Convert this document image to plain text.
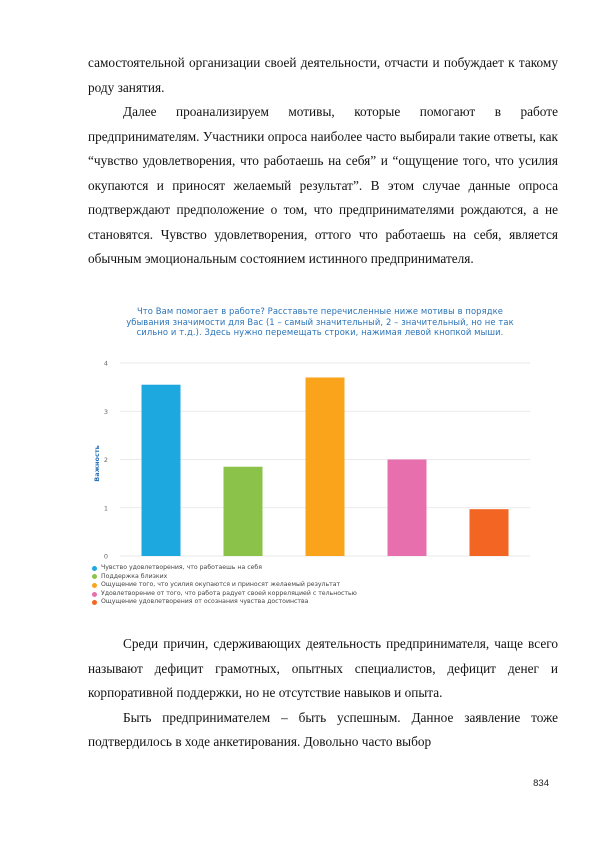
самостоятельной организации своей деятельности, отчасти и побуждает к такому роду занятия.

Далее проанализируем мотивы, которые помогают в работе предпринимателям. Участники опроса наиболее часто выбирали такие ответы, как “чувство удовлетворения, что работаешь на себя” и “ощущение того, что усилия окупаются и приносят желаемый результат”. В этом случае данные опроса подтверждают предположение о том, что предпринимателями рождаются, а не становятся. Чувство удовлетворения, оттого что работаешь на себя, является обычным эмоциональным состоянием истинного предпринимателя.

Что Вам помогает в работе? Расставьте перечисленные ниже мотивы в порядке убывания значимости для Вас (1 – самый значительный, 2 – значительный, но не так сильно и т.д.). Здесь нужно перемещать строки, нажимая левой кнопкой мыши.
0
1
2
3
4
Важность
Чувство удовлетворения, что работаешь на себя
Поддержка близких
Ощущение того, что усилия окупаются и приносят желаемый результат
Удовлетворение от того, что работа радует своей корреляцией с тельностью
Ощущение удовлетворения от осознания чувства достоинства

Среди причин, сдерживающих деятельность предпринимателя, чаще всего называют дефицит грамотных, опытных специалистов, дефицит денег и корпоративной поддержки, но не отсутствие навыков и опыта.

Быть предпринимателем – быть успешным. Данное заявление тоже подтвердилось в ходе анкетирования. Довольно часто выбор

834
